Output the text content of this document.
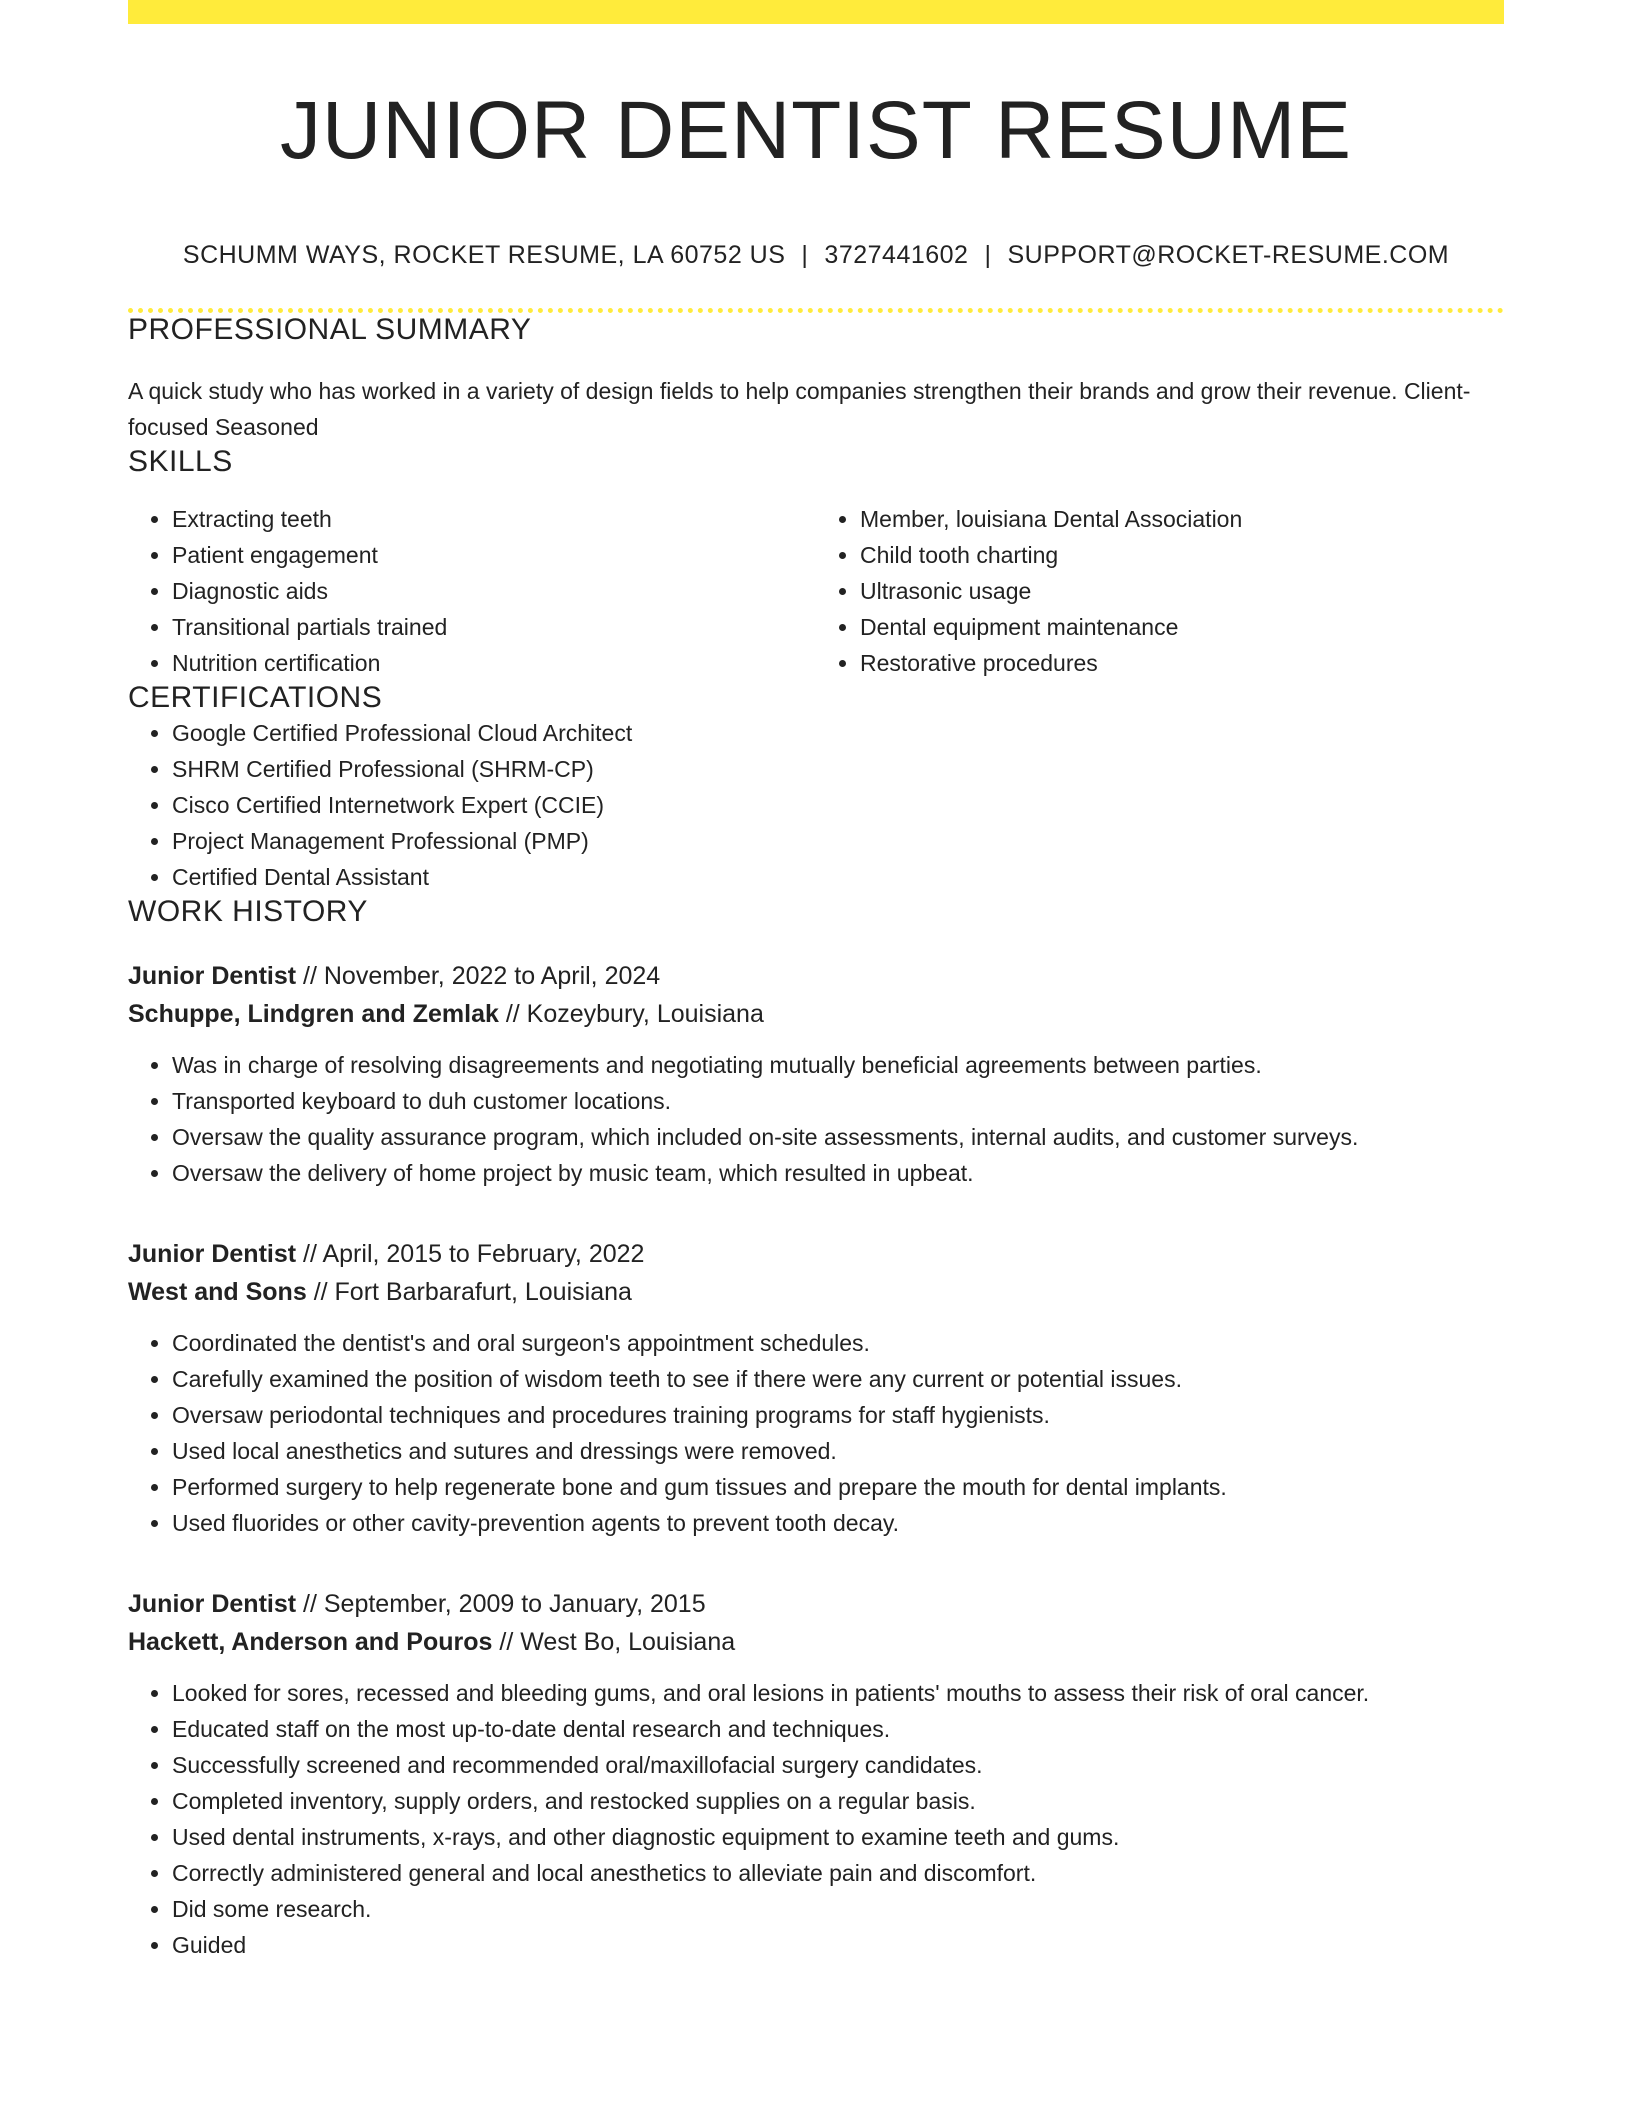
JUNIOR DENTIST RESUME
SCHUMM WAYS, ROCKET RESUME, LA 60752 US | 3727441602 | SUPPORT@ROCKET-RESUME.COM
PROFESSIONAL SUMMARY

A quick study who has worked in a variety of design fields to help companies strengthen their brands and grow their revenue. Client-focused Seasoned

SKILLS
• Extracting teeth
• Patient engagement
• Diagnostic aids
• Transitional partials trained
• Nutrition certification
• Member, louisiana Dental Association
• Child tooth charting
• Ultrasonic usage
• Dental equipment maintenance
• Restorative procedures
CERTIFICATIONS
• Google Certified Professional Cloud Architect
• SHRM Certified Professional (SHRM-CP)
• Cisco Certified Internetwork Expert (CCIE)
• Project Management Professional (PMP)
• Certified Dental Assistant
WORK HISTORY
Junior Dentist // November, 2022 to April, 2024
Schuppe, Lindgren and Zemlak // Kozeybury, Louisiana
• Was in charge of resolving disagreements and negotiating mutually beneficial agreements between parties.
• Transported keyboard to duh customer locations.
• Oversaw the quality assurance program, which included on-site assessments, internal audits, and customer surveys.
• Oversaw the delivery of home project by music team, which resulted in upbeat.
Junior Dentist // April, 2015 to February, 2022
West and Sons // Fort Barbarafurt, Louisiana
• Coordinated the dentist's and oral surgeon's appointment schedules.
• Carefully examined the position of wisdom teeth to see if there were any current or potential issues.
• Oversaw periodontal techniques and procedures training programs for staff hygienists.
• Used local anesthetics and sutures and dressings were removed.
• Performed surgery to help regenerate bone and gum tissues and prepare the mouth for dental implants.
• Used fluorides or other cavity-prevention agents to prevent tooth decay.
Junior Dentist // September, 2009 to January, 2015
Hackett, Anderson and Pouros // West Bo, Louisiana
• Looked for sores, recessed and bleeding gums, and oral lesions in patients' mouths to assess their risk of oral cancer.
• Educated staff on the most up-to-date dental research and techniques.
• Successfully screened and recommended oral/maxillofacial surgery candidates.
• Completed inventory, supply orders, and restocked supplies on a regular basis.
• Used dental instruments, x-rays, and other diagnostic equipment to examine teeth and gums.
• Correctly administered general and local anesthetics to alleviate pain and discomfort.
• Did some research.
• Guided
